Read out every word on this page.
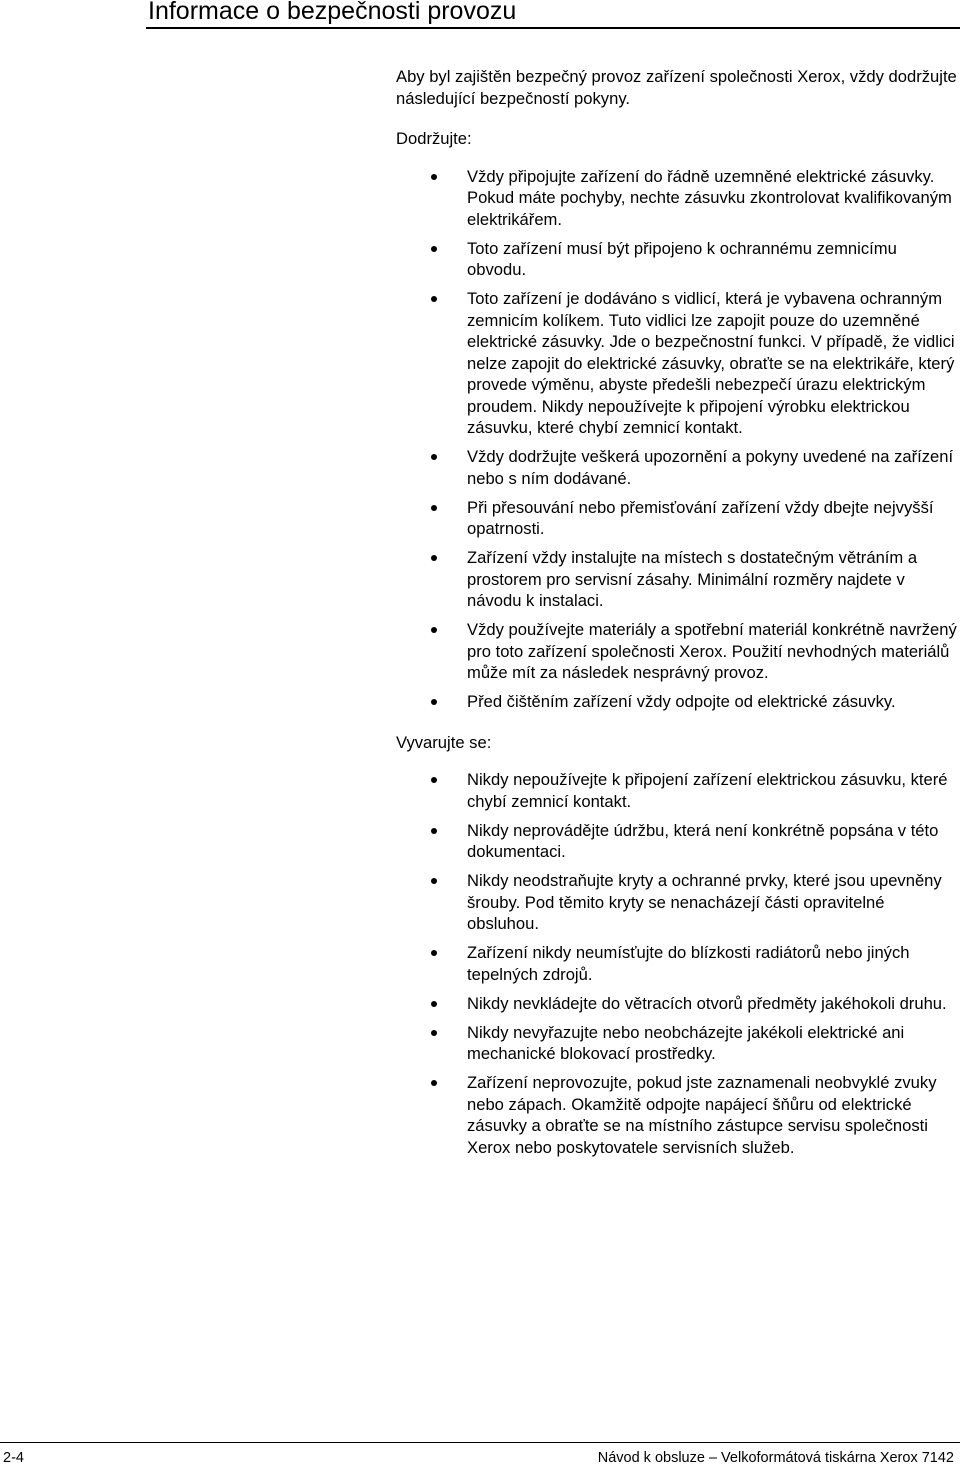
Informace o bezpečnosti provozu

Aby byl zajištěn bezpečný provoz zařízení společnosti Xerox, vždy dodržujte následující bezpečností pokyny.

Dodržujte:
Vždy připojujte zařízení do řádně uzemněné elektrické zásuvky. Pokud máte pochyby, nechte zásuvku zkontrolovat kvalifikovaným elektrikářem.
Toto zařízení musí být připojeno k ochrannému zemnicímu obvodu.
Toto zařízení je dodáváno s vidlicí, která je vybavena ochranným zemnicím kolíkem. Tuto vidlici lze zapojit pouze do uzemněné elektrické zásuvky. Jde o bezpečnostní funkci. V případě, že vidlici nelze zapojit do elektrické zásuvky, obraťte se na elektrikáře, který provede výměnu, abyste předešli nebezpečí úrazu elektrickým proudem. Nikdy nepoužívejte k připojení výrobku elektrickou zásuvku, které chybí zemnicí kontakt.
Vždy dodržujte veškerá upozornění a pokyny uvedené na zařízení nebo s ním dodávané.
Při přesouvání nebo přemisťování zařízení vždy dbejte nejvyšší opatrnosti.
Zařízení vždy instalujte na místech s dostatečným větráním a prostorem pro servisní zásahy. Minimální rozměry najdete v návodu k instalaci.
Vždy používejte materiály a spotřební materiál konkrétně navržený pro toto zařízení společnosti Xerox. Použití nevhodných materiálů může mít za následek nesprávný provoz.
Před čištěním zařízení vždy odpojte od elektrické zásuvky.
Vyvarujte se:
Nikdy nepoužívejte k připojení zařízení elektrickou zásuvku, které chybí zemnicí kontakt.
Nikdy neprovádějte údržbu, která není konkrétně popsána v této dokumentaci.
Nikdy neodstraňujte kryty a ochranné prvky, které jsou upevněny šrouby. Pod těmito kryty se nenacházejí části opravitelné obsluhou.
Zařízení nikdy neumísťujte do blízkosti radiátorů nebo jiných tepelných zdrojů.
Nikdy nevkládejte do větracích otvorů předměty jakéhokoli druhu.
Nikdy nevyřazujte nebo neobcházejte jakékoli elektrické ani mechanické blokovací prostředky.
Zařízení neprovozujte, pokud jste zaznamenali neobvyklé zvuky nebo zápach. Okamžitě odpojte napájecí šňůru od elektrické zásuvky a obraťte se na místního zástupce servisu společnosti Xerox nebo poskytovatele servisních služeb.
2-4	Návod k obsluze – Velkoformátová tiskárna Xerox 7142
